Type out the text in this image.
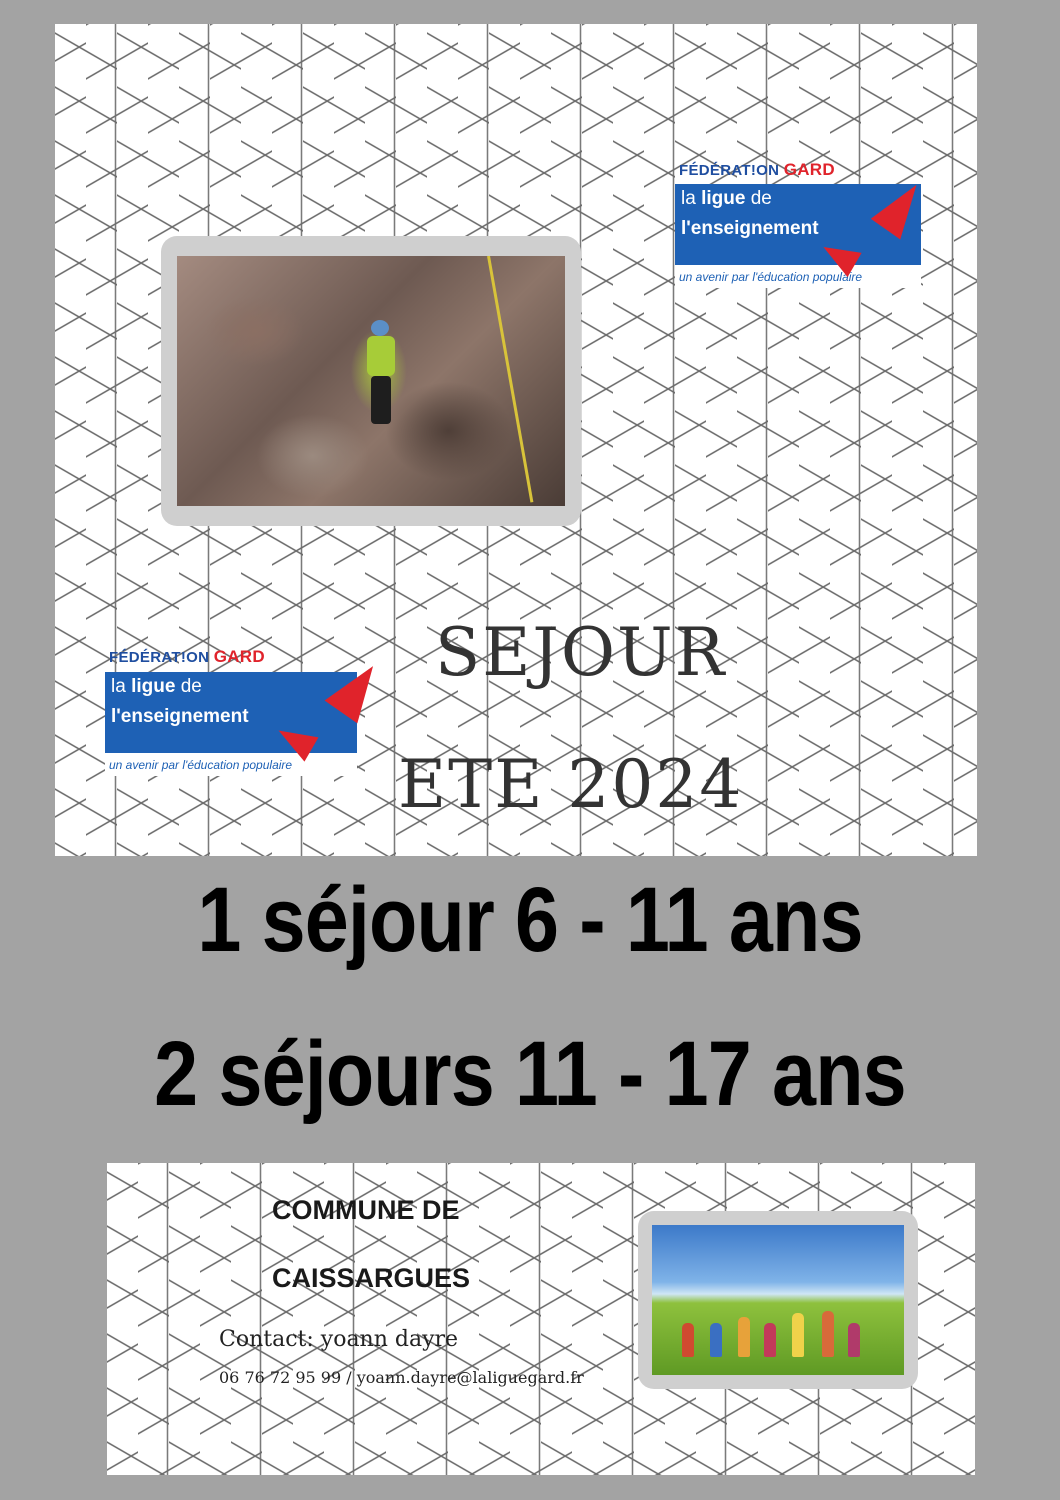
FÉDÉRAT!ON GARD
la ligue de
l'enseignement
un avenir par l'éducation populaire
FÉDÉRAT!ON GARD
la ligue de
l'enseignement
un avenir par l'éducation populaire
SEJOUR
ETE 2024
1 séjour 6 - 11 ans
2 séjours 11 - 17 ans
COMMUNE DE
CAISSARGUES
Contact: yoann dayre
06 76 72 95 99 / yoann.dayre@laliguegard.fr
